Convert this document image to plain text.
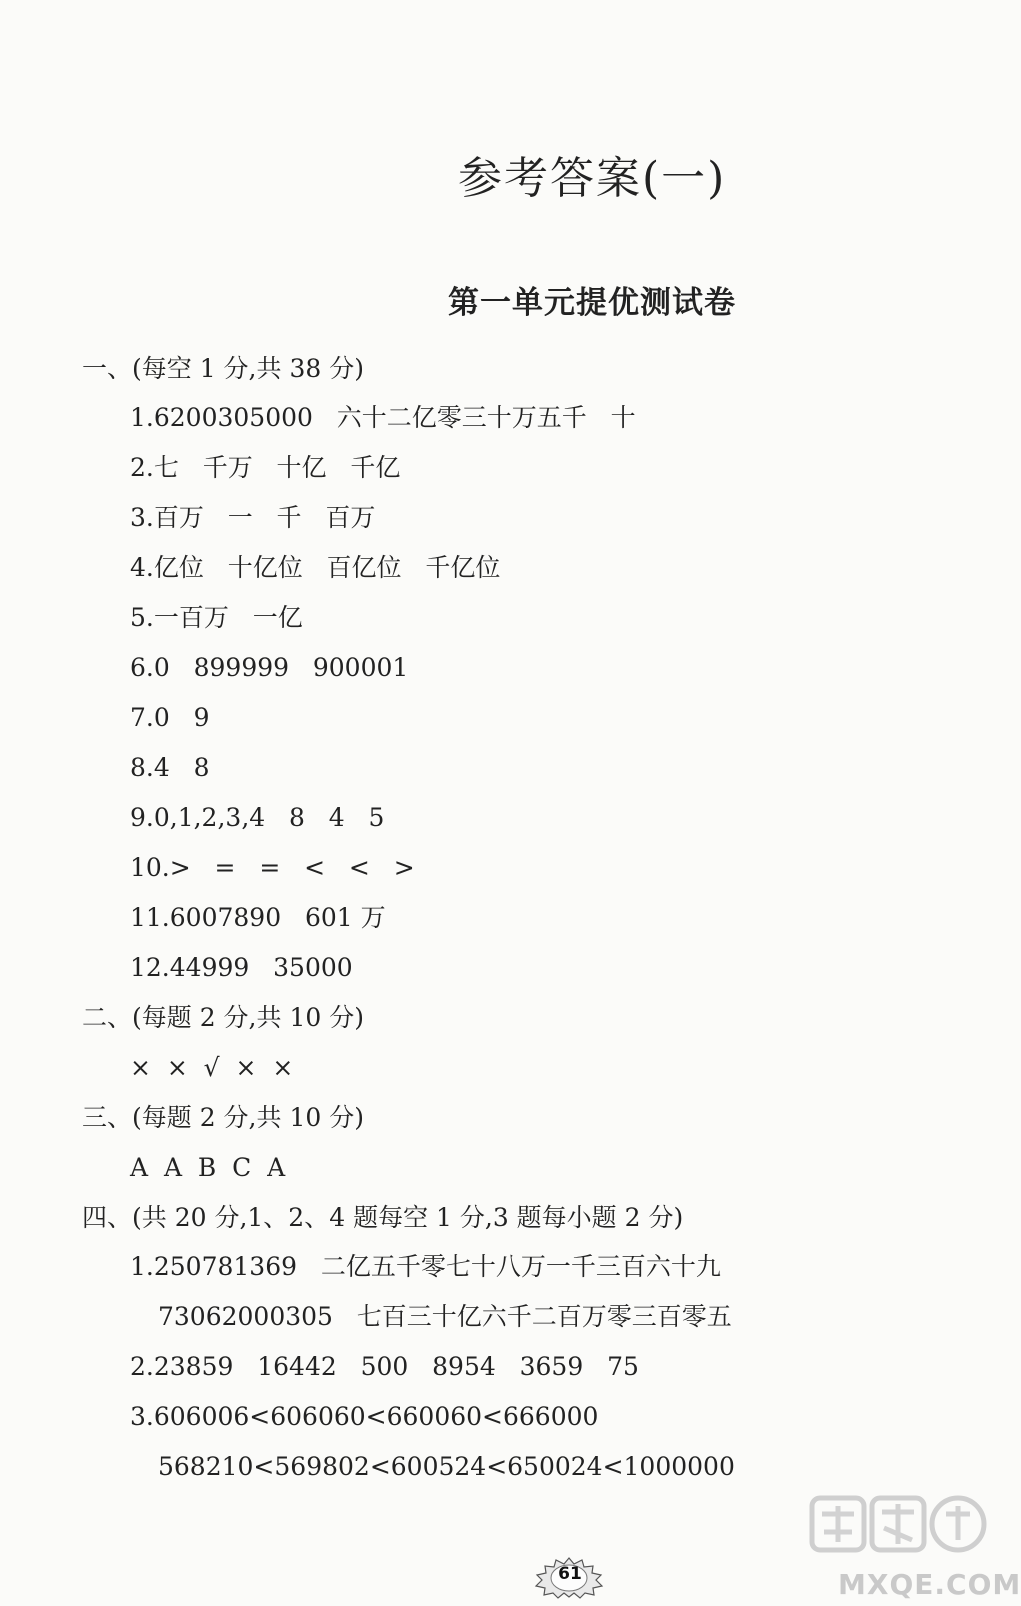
参考答案(一)
第一单元提优测试卷
一、(每空 1 分,共 38 分)
1.6200305000   六十二亿零三十万五千   十
2.七   千万   十亿   千亿
3.百万   一   千   百万
4.亿位   十亿位   百亿位   千亿位
5.一百万   一亿
6.0   899999   900001
7.0   9
8.4   8
9.0,1,2,3,4   8   4   5
10.>   =   =   <   <   >
11.6007890   601 万
12.44999   35000
二、(每题 2 分,共 10 分)
×  ×  √  ×  ×
三、(每题 2 分,共 10 分)
A  A  B  C  A
四、(共 20 分,1、2、4 题每空 1 分,3 题每小题 2 分)
1.250781369   二亿五千零七十八万一千三百六十九
73062000305   七百三十亿六千二百万零三百零五
2.23859   16442   500   8954   3659   75
3.606006<606060<660060<666000
568210<569802<600524<650024<1000000
61	MXQE.COM
